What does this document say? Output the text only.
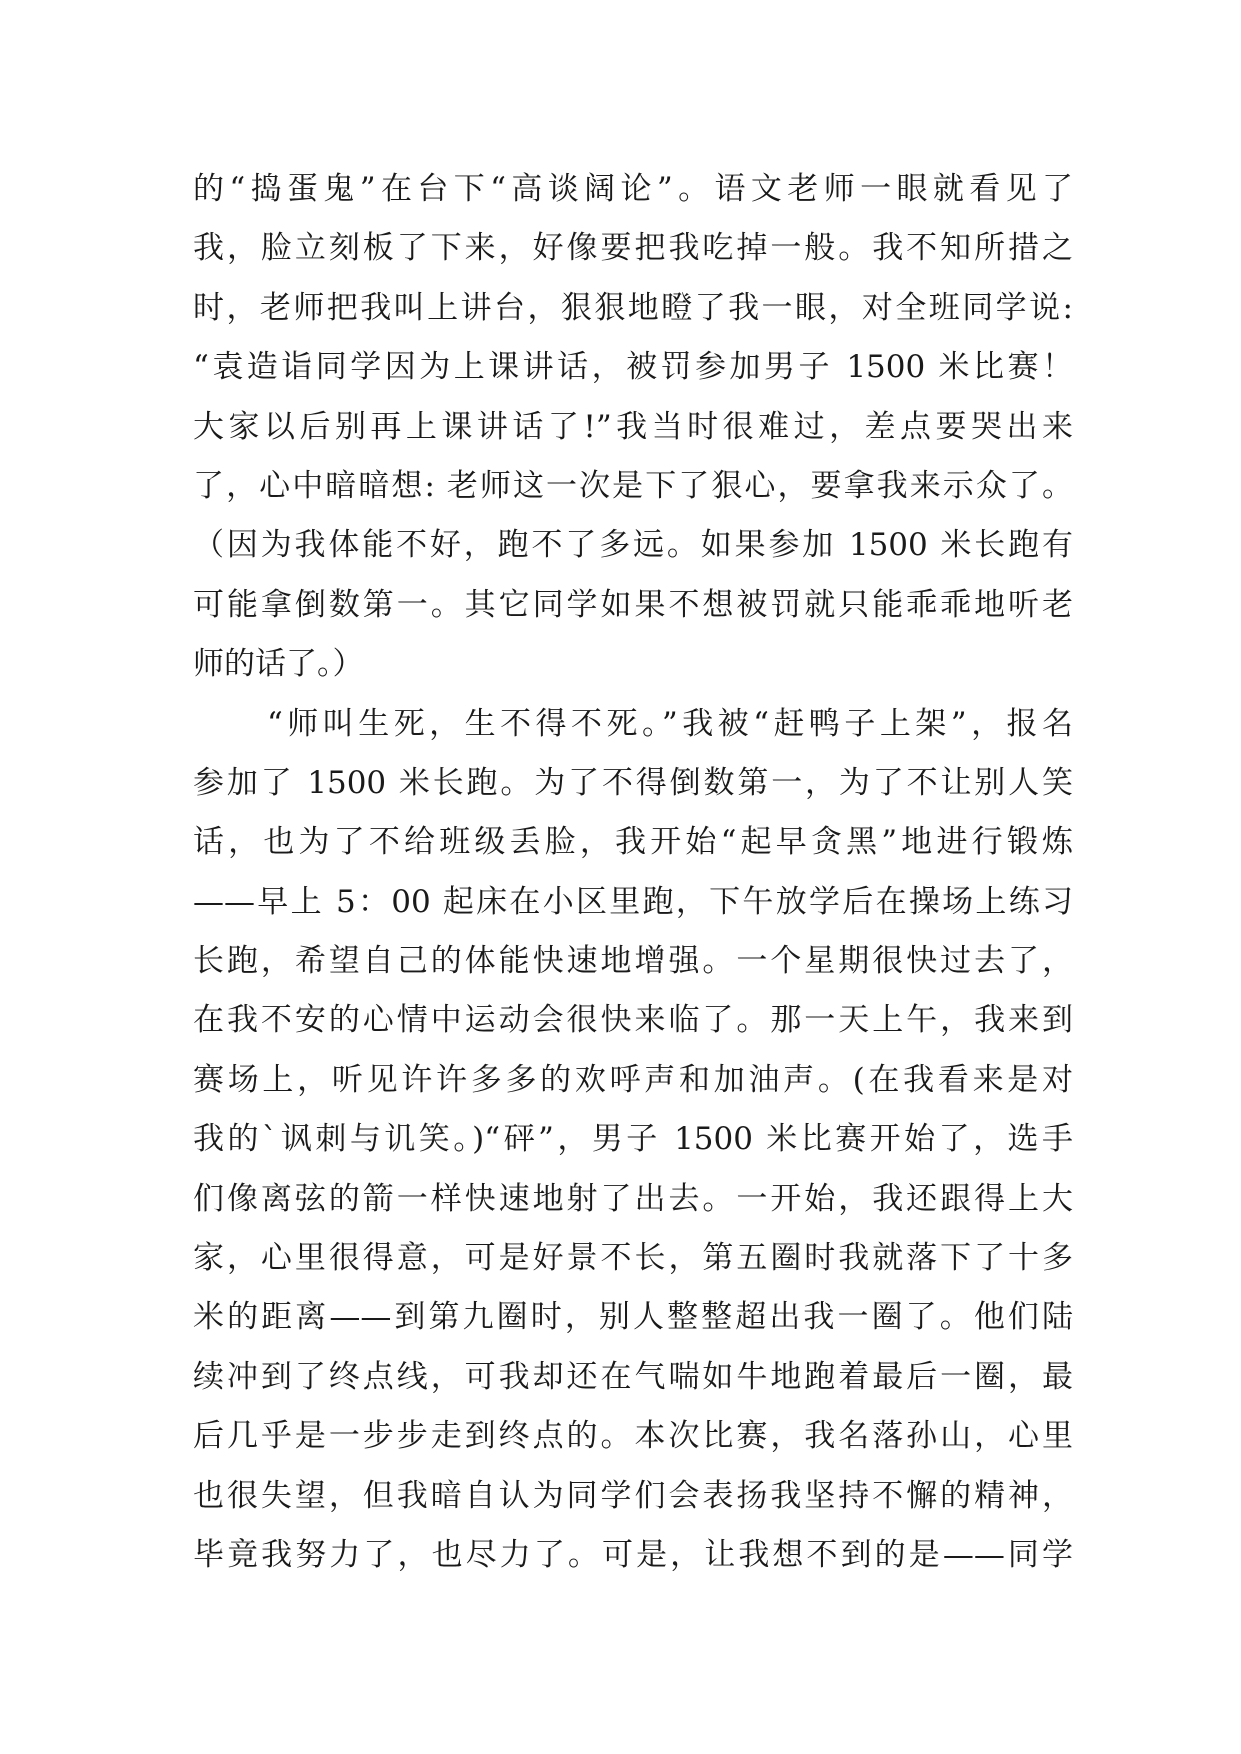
的“捣蛋鬼”在台下“高谈阔论”。语文老师一眼就看见了
我，脸立刻板了下来，好像要把我吃掉一般。我不知所措之
时，老师把我叫上讲台，狠狠地瞪了我一眼，对全班同学说:
“袁造诣同学因为上课讲话，被罚参加男子 1500 米比赛！
大家以后别再上课讲话了!”我当时很难过，差点要哭出来
了，心中暗暗想: 老师这一次是下了狠心，要拿我来示众了。
（因为我体能不好，跑不了多远。如果参加 1500 米长跑有
可能拿倒数第一。其它同学如果不想被罚就只能乖乖地听老
师的话了。）
“师叫生死，生不得不死。”我被“赶鸭子上架”，报名
参加了 1500 米长跑。为了不得倒数第一，为了不让别人笑
话，也为了不给班级丢脸，我开始“起早贪黑”地进行锻炼
——早上 5：00 起床在小区里跑，下午放学后在操场上练习
长跑，希望自己的体能快速地增强。一个星期很快过去了，
在我不安的心情中运动会很快来临了。那一天上午，我来到
赛场上，听见许许多多的欢呼声和加油声。(在我看来是对
我的`讽刺与讥笑。)“砰”，男子 1500 米比赛开始了，选手
们像离弦的箭一样快速地射了出去。一开始，我还跟得上大
家，心里很得意，可是好景不长，第五圈时我就落下了十多
米的距离——到第九圈时，别人整整超出我一圈了。他们陆
续冲到了终点线，可我却还在气喘如牛地跑着最后一圈，最
后几乎是一步步走到终点的。本次比赛，我名落孙山，心里
也很失望，但我暗自认为同学们会表扬我坚持不懈的精神，
毕竟我努力了，也尽力了。可是，让我想不到的是——同学
